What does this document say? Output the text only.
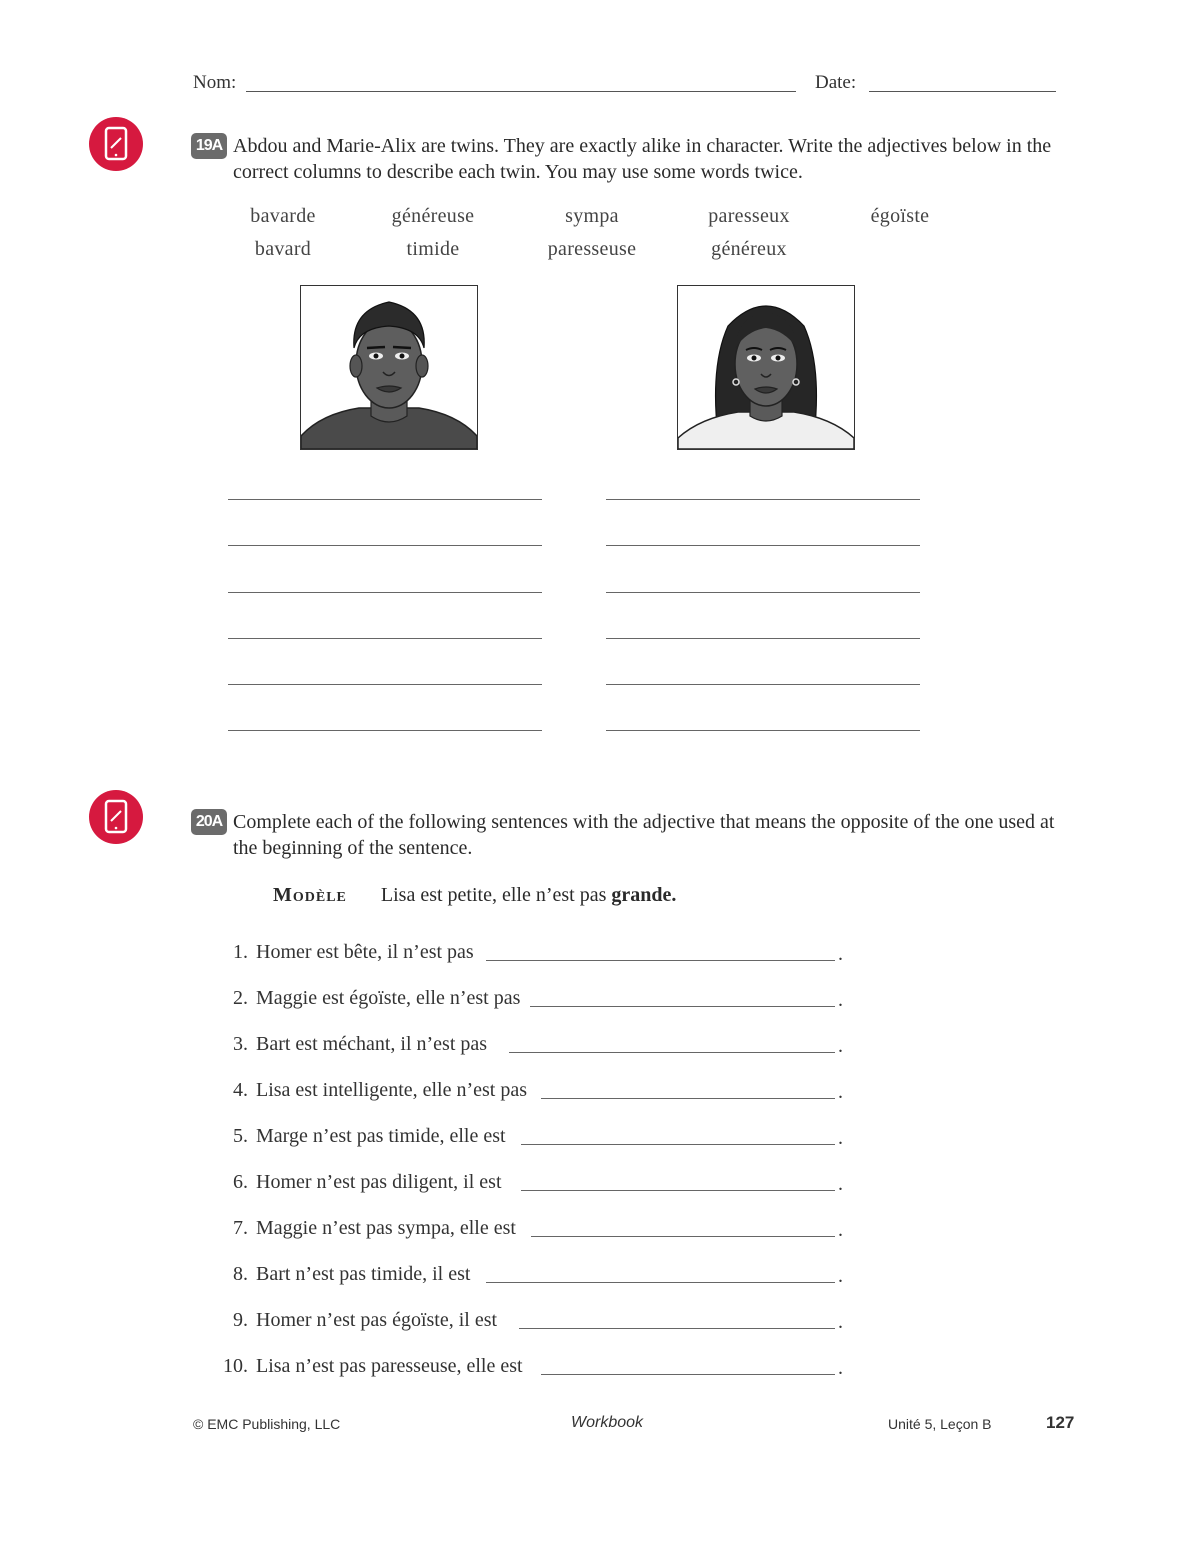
Nom:	Date:
19A Abdou and Marie-Alix are twins. They are exactly alike in character. Write the adjectives below in the correct columns to describe each twin. You may use some words twice.
bavarde	généreuse	sympa	paresseux	égoïste
bavard	timide	paresseuse	généreux
20A Complete each of the following sentences with the adjective that means the opposite of the one used at the beginning of the sentence.
Modèle Lisa est petite, elle n’est pas grande.
1. Homer est bête, il n’est pas	.
2. Maggie est égoïste, elle n’est pas	.
3. Bart est méchant, il n’est pas	.
4. Lisa est intelligente, elle n’est pas	.
5. Marge n’est pas timide, elle est	.
6. Homer n’est pas diligent, il est	.
7. Maggie n’est pas sympa, elle est	.
8. Bart n’est pas timide, il est	.
9. Homer n’est pas égoïste, il est	.
10. Lisa n’est pas paresseuse, elle est	.
© EMC Publishing, LLC	Workbook	Unité 5, Leçon B	127
